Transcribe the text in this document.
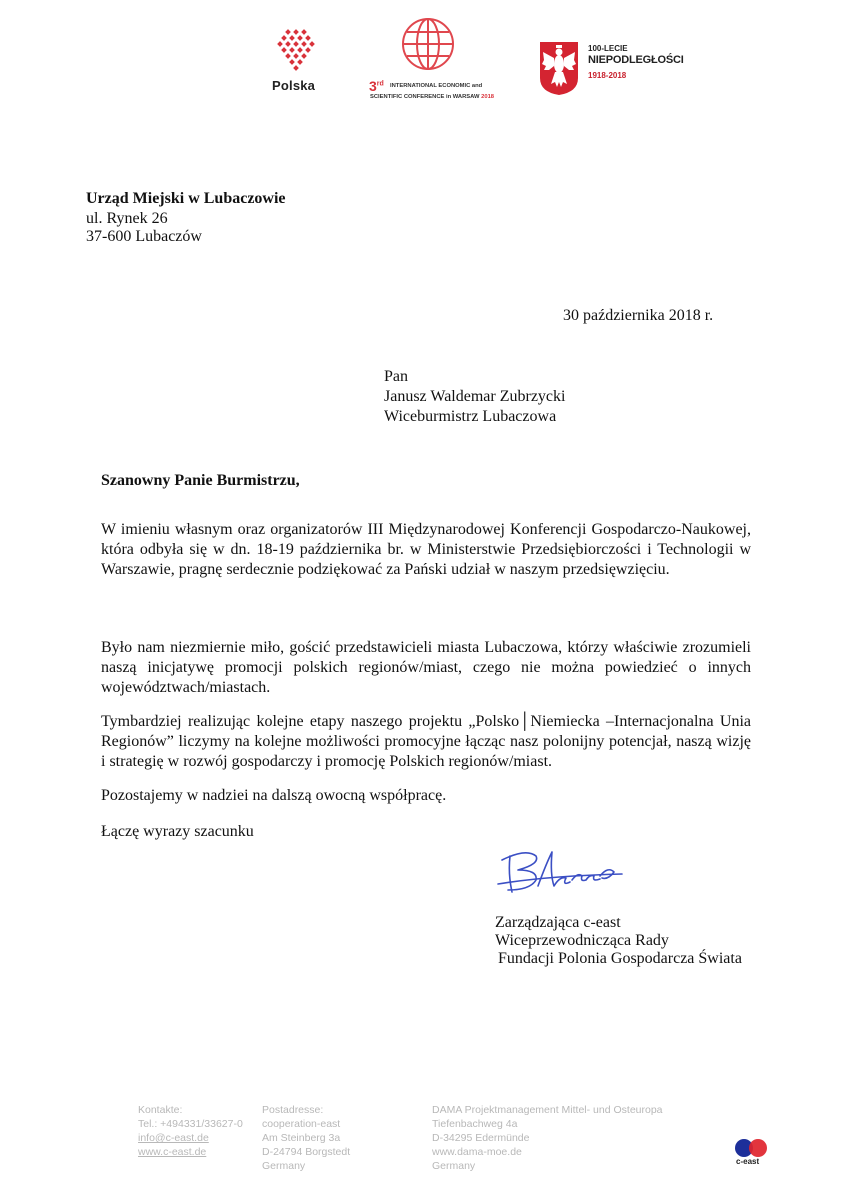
Polska	3rd INTERNATIONAL ECONOMIC and
SCIENTIFIC CONFERENCE in WARSAW 2018
100-LECIE
NIEPODLEGŁOŚCI
1918-2018
Urząd Miejski w Lubaczowie
ul. Rynek 26
37-600 Lubaczów
30 października 2018 r.
Pan
Janusz Waldemar Zubrzycki
Wiceburmistrz Lubaczowa
Szanowny Panie Burmistrzu,
W imieniu własnym oraz organizatorów III Międzynarodowej Konferencji Gospodarczo-Naukowej, która odbyła się w dn. 18-19 października br. w Ministerstwie Przedsiębiorczości i Technologii w Warszawie, pragnę serdecznie podziękować za Pański udział w naszym przedsięwzięciu.
Było nam niezmiernie miło, gościć przedstawicieli miasta Lubaczowa, którzy właściwie zrozumieli naszą inicjatywę promocji polskich regionów/miast, czego nie można powiedzieć o innych województwach/miastach.
Tymbardziej realizując kolejne etapy naszego projektu „Polsko│Niemiecka –Internacjonalna Unia Regionów” liczymy na kolejne możliwości promocyjne łącząc nasz polonijny potencjał, naszą wizję i strategię w rozwój gospodarczy i promocję Polskich regionów/miast.
Pozostajemy w nadziei na dalszą owocną współpracę.
Łączę wyrazy szacunku
Zarządzająca c-east
Wiceprzewodnicząca Rady
Fundacji Polonia Gospodarcza Świata
Kontakte:
Tel.: +494331/33627-0
info@c-east.de
www.c-east.de
Postadresse:
cooperation-east
Am Steinberg 3a
D-24794 Borgstedt
Germany
DAMA Projektmanagement Mittel- und Osteuropa
Tiefenbachweg 4a
D-34295 Edermünde
www.dama-moe.de
Germany	c-east
